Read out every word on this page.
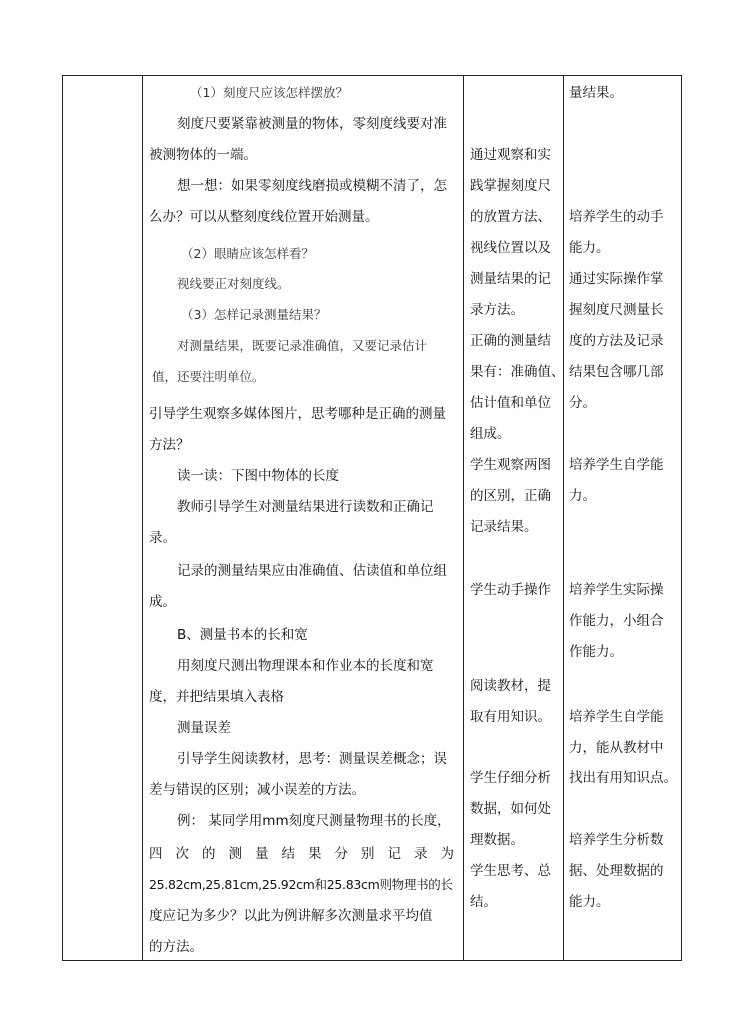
（1）刻度尺应该怎样摆放？
刻度尺要紧靠被测量的物体，零刻度线要对准
被测物体的一端。
想一想：如果零刻度线磨损或模糊不清了，怎
么办？可以从整刻度线位置开始测量。
（2）眼睛应该怎样看？
视线要正对刻度线。
（3）怎样记录测量结果？
对测量结果，既要记录准确值，又要记录估计
值，还要注明单位。
引导学生观察多媒体图片，思考哪种是正确的测量
方法？
读一读：下图中物体的长度
教师引导学生对测量结果进行读数和正确记
录。
记录的测量结果应由准确值、估读值和单位组
成。
B、测量书本的长和宽
用刻度尺测出物理课本和作业本的长度和宽
度，并把结果填入表格
测量误差
引导学生阅读教材，思考：测量误差概念；误
差与错误的区别；减小误差的方法。
例： 某同学用mm刻度尺测量物理书的长度，
四 次 的 测 量 结 果 分 别 记 录 为
25.82cm,25.81cm,25.92cm和25.83cm则物理书的长
度应记为多少？以此为例讲解多次测量求平均值
的方法。
通过观察和实
践掌握刻度尺
的放置方法、
视线位置以及
测量结果的记
录方法。
正确的测量结
果有：准确值、
估计值和单位
组成。
学生观察两图
的区别，正确
记录结果。
学生动手操作
阅读教材，提
取有用知识。
学生仔细分析
数据，如何处
理数据。
学生思考、总
结。
量结果。
培养学生的动手
能力。
通过实际操作掌
握刻度尺测量长
度的方法及记录
结果包含哪几部
分。
培养学生自学能
力。
培养学生实际操
作能力，小组合
作能力。
培养学生自学能
力，能从教材中
找出有用知识点。
培养学生分析数
据、处理数据的
能力。
